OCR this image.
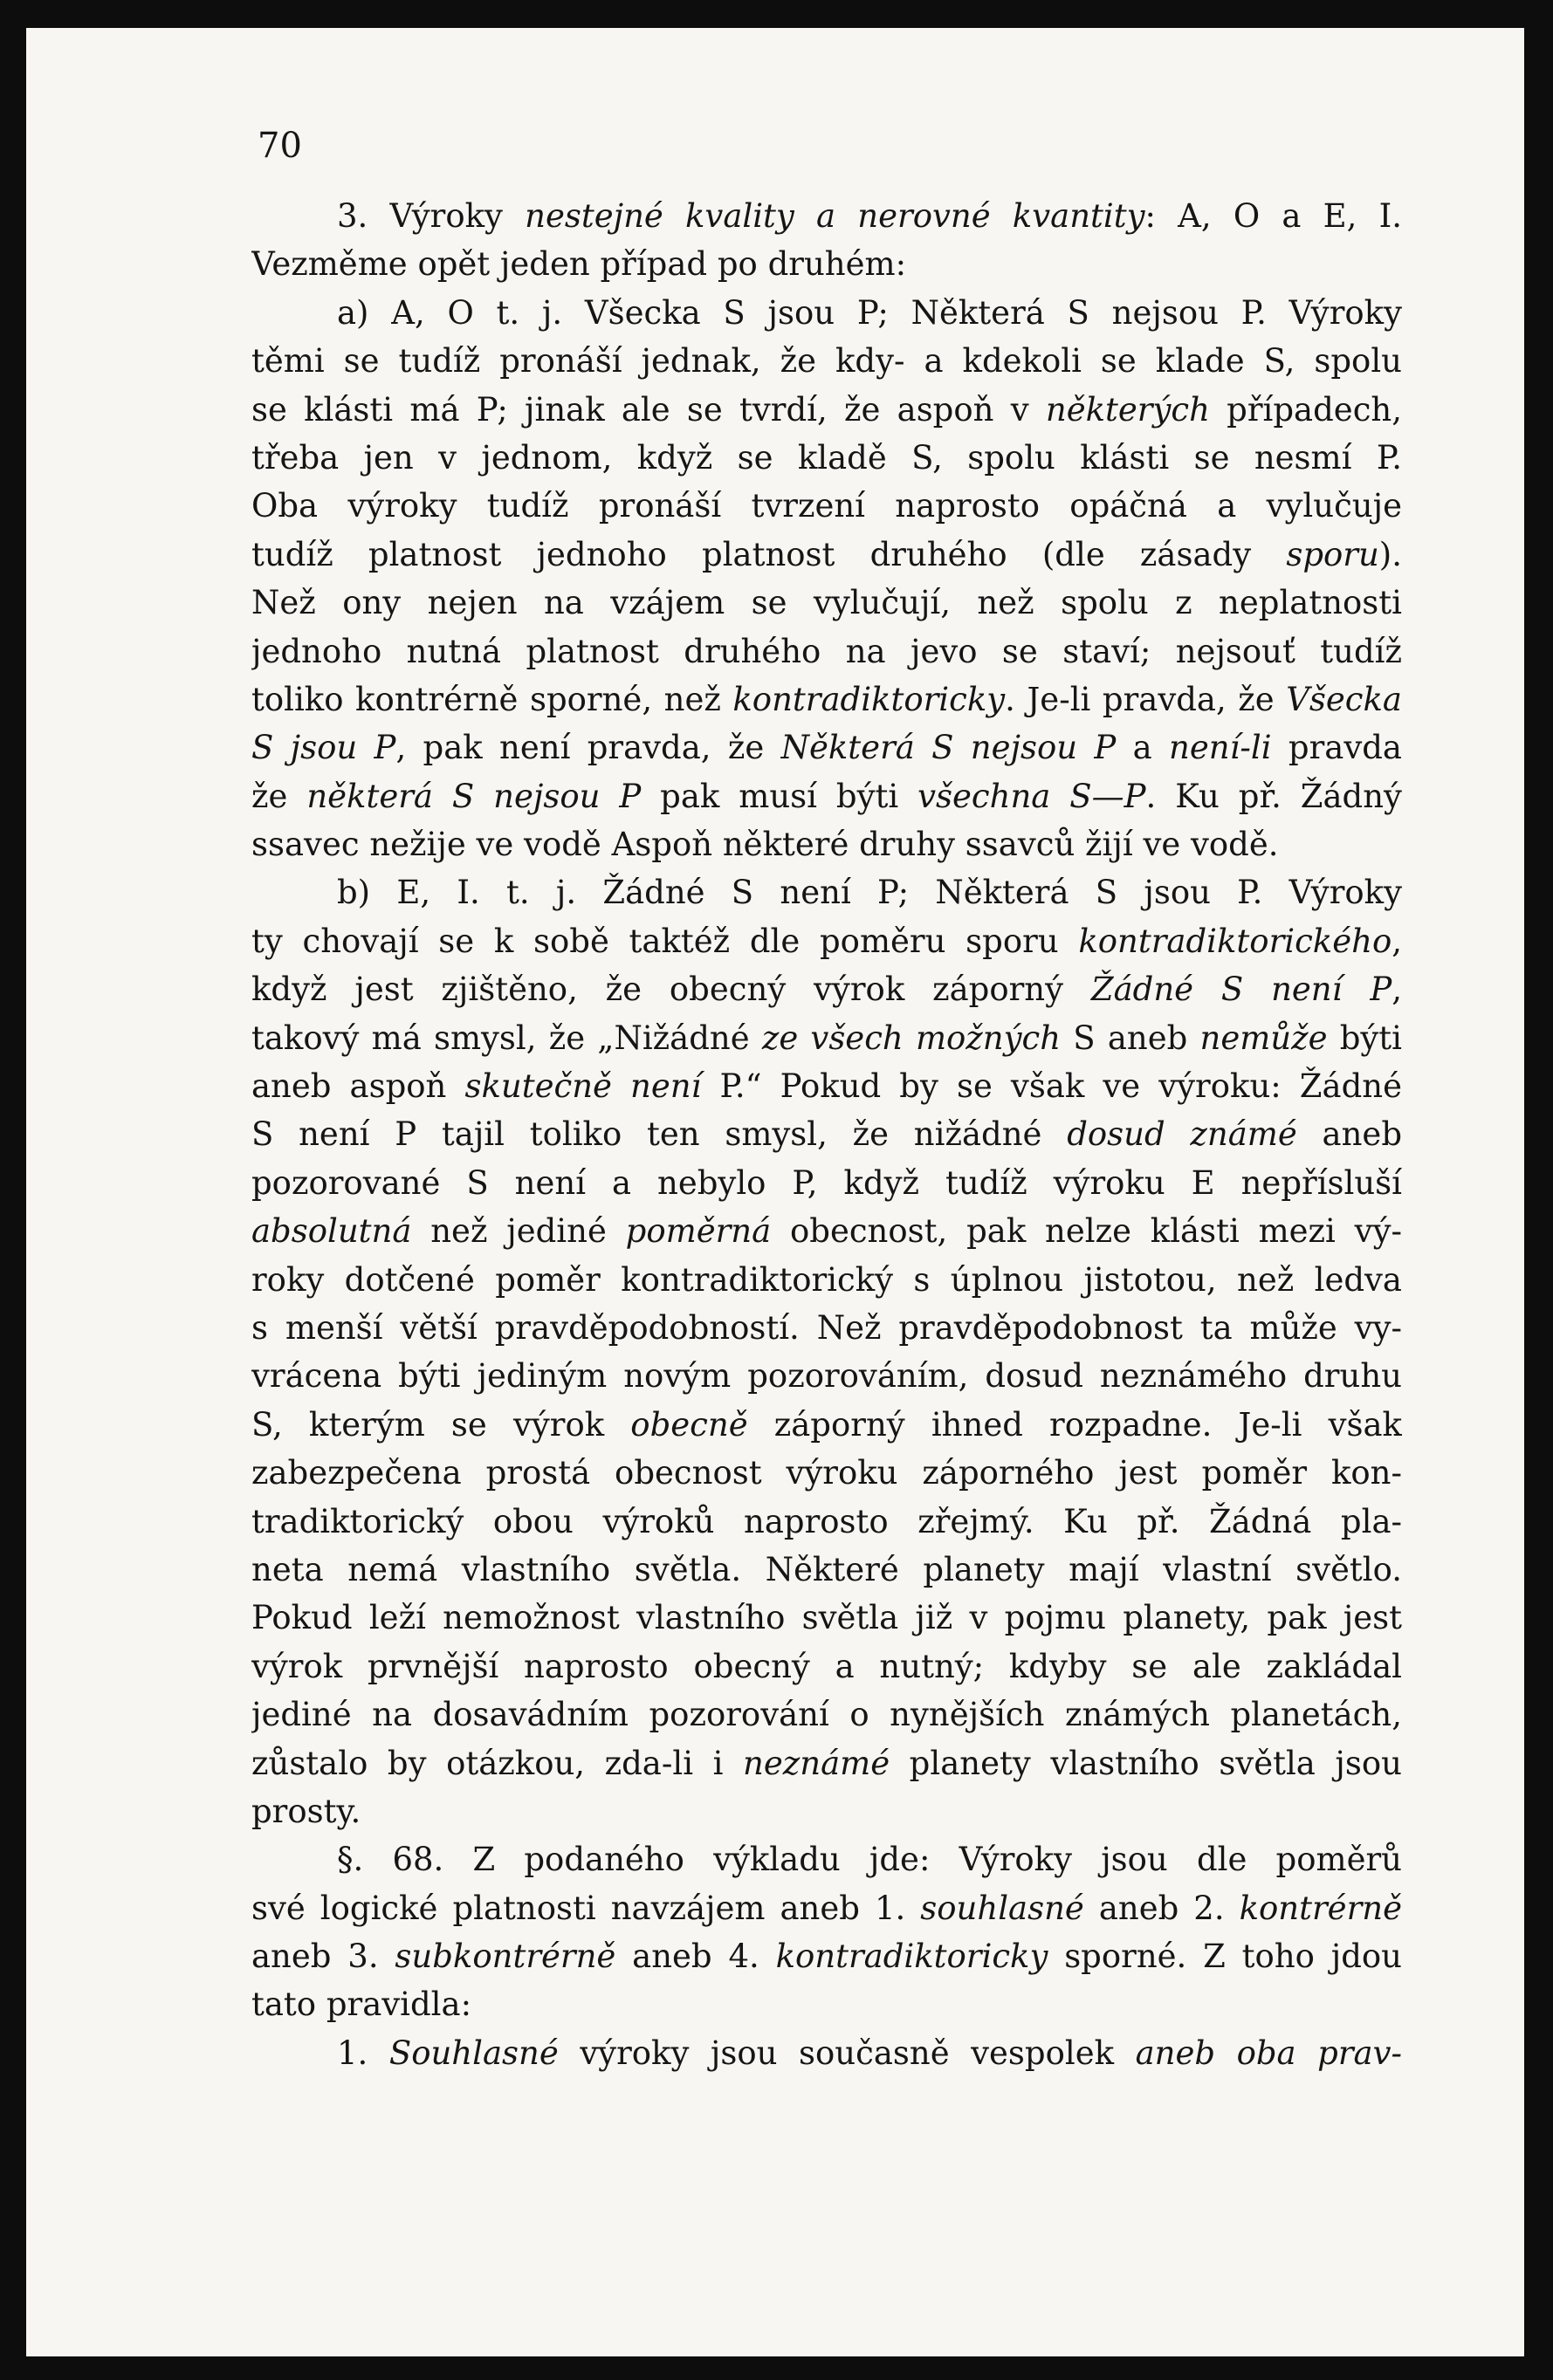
70

3. Výroky nestejné kvality a nerovné kvantity: A, O a E, I.
Vezměme opět jeden případ po druhém:
a) A, O t. j. Všecka S jsou P; Některá S nejsou P. Výroky
těmi se tudíž pronáší jednak, že kdy- a kdekoli se klade S, spolu
se klásti má P; jinak ale se tvrdí, že aspoň v některých případech,
třeba jen v jednom, když se kladě S, spolu klásti se nesmí P.
Oba výroky tudíž pronáší tvrzení naprosto opáčná a vylučuje
tudíž platnost jednoho platnost druhého (dle zásady sporu).
Než ony nejen na vzájem se vylučují, než spolu z neplatnosti
jednoho nutná platnost druhého na jevo se staví; nejsouť tudíž
toliko kontrérně sporné, než kontradiktoricky. Je-li pravda, že Všecka
S jsou P, pak není pravda, že Některá S nejsou P a není-li pravda
že některá S nejsou P pak musí býti všechna S—P. Ku př. Žádný
ssavec nežije ve vodě Aspoň některé druhy ssavců žijí ve vodě.
b) E, I. t. j. Žádné S není P; Některá S jsou P. Výroky
ty chovají se k sobě taktéž dle poměru sporu kontradiktorického,
když jest zjištěno, že obecný výrok záporný Žádné S není P,
takový má smysl, že „Nižádné ze všech možných S aneb nemůže býti
aneb aspoň skutečně není P.“ Pokud by se však ve výroku: Žádné
S není P tajil toliko ten smysl, že nižádné dosud známé aneb
pozorované S není a nebylo P, když tudíž výroku E nepřísluší
absolutná než jediné poměrná obecnost, pak nelze klásti mezi vý-
roky dotčené poměr kontradiktorický s úplnou jistotou, než ledva
s menší větší pravděpodobností. Než pravděpodobnost ta může vy-
vrácena býti jediným novým pozorováním, dosud neznámého druhu
S, kterým se výrok obecně záporný ihned rozpadne. Je-li však
zabezpečena prostá obecnost výroku záporného jest poměr kon-
tradiktorický obou výroků naprosto zřejmý. Ku př. Žádná pla-
neta nemá vlastního světla. Některé planety mají vlastní světlo.
Pokud leží nemožnost vlastního světla již v pojmu planety, pak jest
výrok prvnější naprosto obecný a nutný; kdyby se ale zakládal
jediné na dosavádním pozorování o nynějších známých planetách,
zůstalo by otázkou, zda-li i neznámé planety vlastního světla jsou
prosty.
§. 68. Z podaného výkladu jde: Výroky jsou dle poměrů
své logické platnosti navzájem aneb 1. souhlasné aneb 2. kontrérně
aneb 3. subkontrérně aneb 4. kontradiktoricky sporné. Z toho jdou
tato pravidla:
1. Souhlasné výroky jsou současně vespolek aneb oba prav-
